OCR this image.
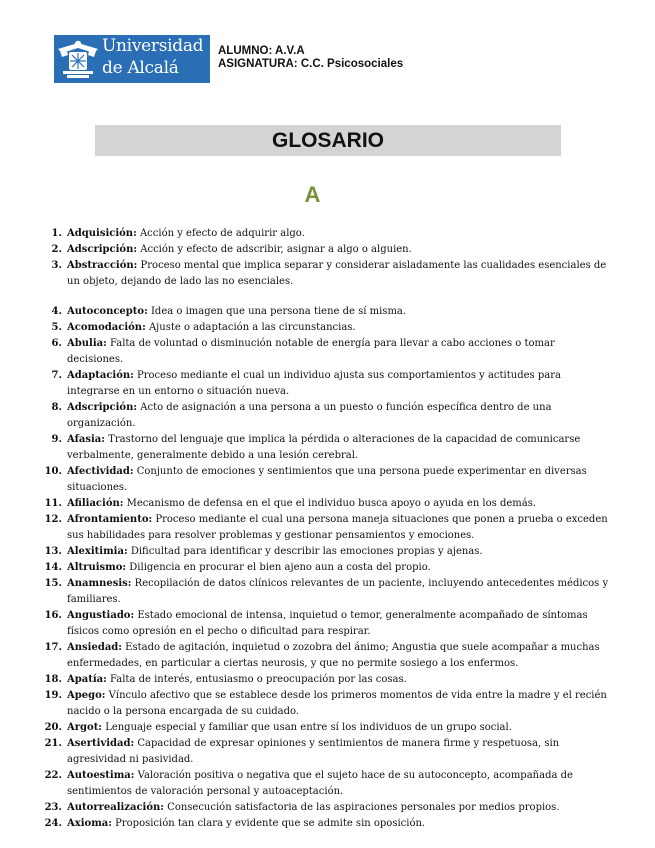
Universidad
de Alcalá
ALUMNO: A.V.A
ASIGNATURA: C.C. Psicosociales
GLOSARIO
A
1. Adquisición: Acción y efecto de adquirir algo.
2. Adscripción: Acción y efecto de adscribir, asignar a algo o alguien.
3. Abstracción: Proceso mental que implica separar y considerar aisladamente las cualidades esenciales de un objeto, dejando de lado las no esenciales.
4. Autoconcepto: Idea o imagen que una persona tiene de sí misma.
5. Acomodación: Ajuste o adaptación a las circunstancias.
6. Abulia: Falta de voluntad o disminución notable de energía para llevar a cabo acciones o tomar decisiones.
7. Adaptación: Proceso mediante el cual un individuo ajusta sus comportamientos y actitudes para integrarse en un entorno o situación nueva.
8. Adscripción: Acto de asignación a una persona a un puesto o función específica dentro de una organización.
9. Afasia: Trastorno del lenguaje que implica la pérdida o alteraciones de la capacidad de comunicarse verbalmente, generalmente debido a una lesión cerebral.
10. Afectividad: Conjunto de emociones y sentimientos que una persona puede experimentar en diversas situaciones.
11. Afiliación: Mecanismo de defensa en el que el individuo busca apoyo o ayuda en los demás.
12. Afrontamiento: Proceso mediante el cual una persona maneja situaciones que ponen a prueba o exceden sus habilidades para resolver problemas y gestionar pensamientos y emociones.
13. Alexitimia: Dificultad para identificar y describir las emociones propias y ajenas.
14. Altruismo: Diligencia en procurar el bien ajeno aun a costa del propio.
15. Anamnesis: Recopilación de datos clínicos relevantes de un paciente, incluyendo antecedentes médicos y familiares.
16. Angustiado: Estado emocional de intensa, inquietud o temor, generalmente acompañado de síntomas físicos como opresión en el pecho o dificultad para respirar.
17. Ansiedad: Estado de agitación, inquietud o zozobra del ánimo; Angustia que suele acompañar a muchas enfermedades, en particular a ciertas neurosis, y que no permite sosiego a los enfermos.
18. Apatía: Falta de interés, entusiasmo o preocupación por las cosas.
19. Apego: Vínculo afectivo que se establece desde los primeros momentos de vida entre la madre y el recién nacido o la persona encargada de su cuidado.
20. Argot: Lenguaje especial y familiar que usan entre sí los individuos de un grupo social.
21. Asertividad: Capacidad de expresar opiniones y sentimientos de manera firme y respetuosa, sin agresividad ni pasividad.
22. Autoestima: Valoración positiva o negativa que el sujeto hace de su autoconcepto, acompañada de sentimientos de valoración personal y autoaceptación.
23. Autorrealización: Consecución satisfactoria de las aspiraciones personales por medios propios.
24. Axioma: Proposición tan clara y evidente que se admite sin oposición.
